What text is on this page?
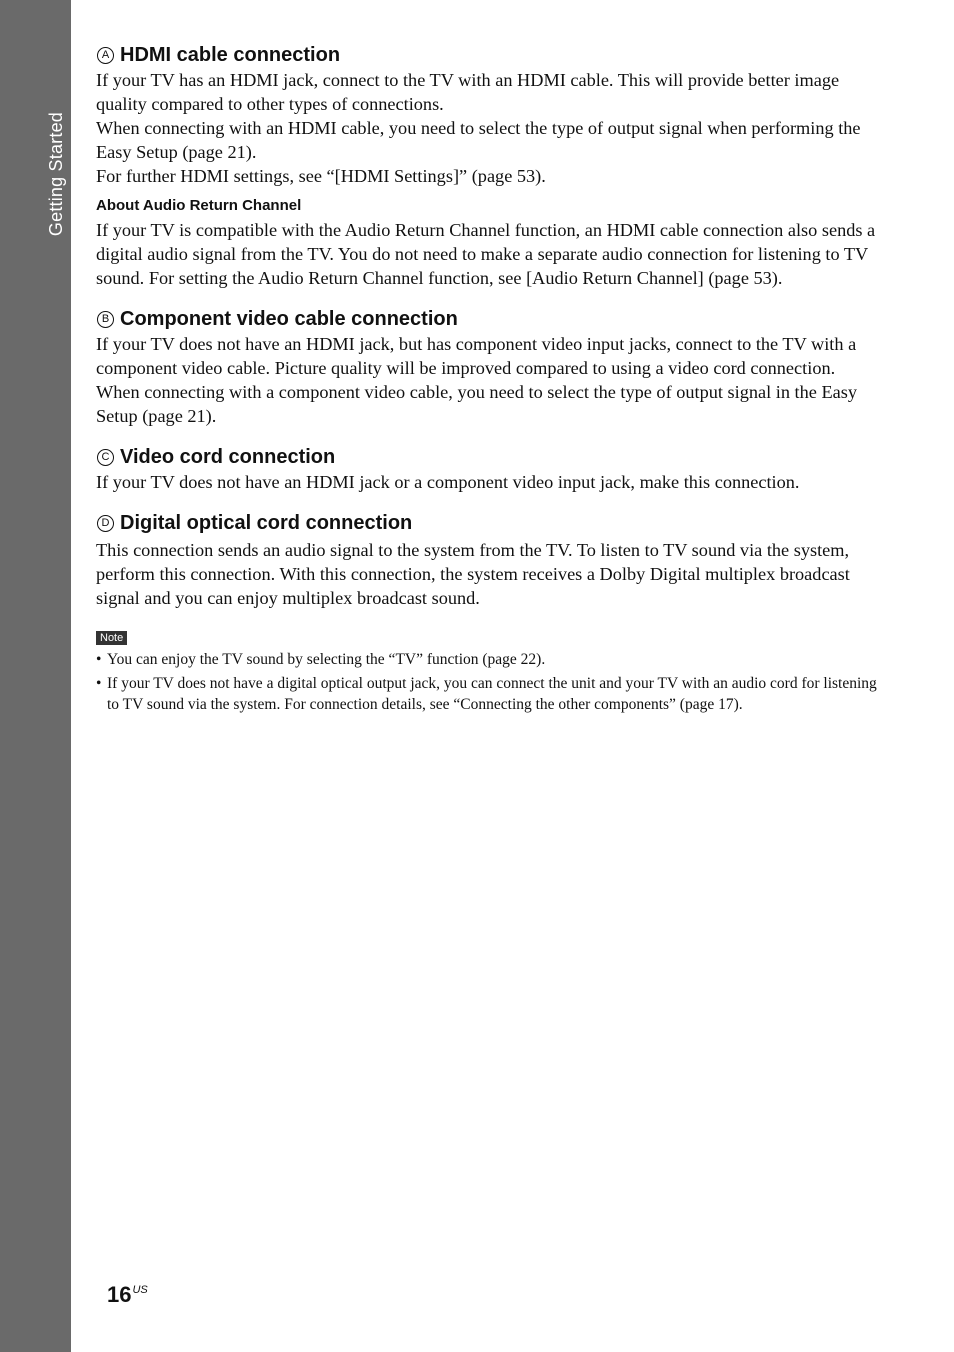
Getting Started
A HDMI cable connection

If your TV has an HDMI jack, connect to the TV with an HDMI cable. This will provide better image quality compared to other types of connections.

When connecting with an HDMI cable, you need to select the type of output signal when performing the Easy Setup (page 21).

For further HDMI settings, see “[HDMI Settings]” (page 53).

About Audio Return Channel

If your TV is compatible with the Audio Return Channel function, an HDMI cable connection also sends a digital audio signal from the TV. You do not need to make a separate audio connection for listening to TV sound. For setting the Audio Return Channel function, see [Audio Return Channel] (page 53).

B Component video cable connection

If your TV does not have an HDMI jack, but has component video input jacks, connect to the TV with a component video cable. Picture quality will be improved compared to using a video cord connection.

When connecting with a component video cable, you need to select the type of output signal in the Easy Setup (page 21).

C Video cord connection

If your TV does not have an HDMI jack or a component video input jack, make this connection.

D Digital optical cord connection

This connection sends an audio signal to the system from the TV. To listen to TV sound via the system, perform this connection. With this connection, the system receives a Dolby Digital multiplex broadcast signal and you can enjoy multiplex broadcast sound.

Note
• You can enjoy the TV sound by selecting the “TV” function (page 22).
• If your TV does not have a digital optical output jack, you can connect the unit and your TV with an audio cord for listening to TV sound via the system. For connection details, see “Connecting the other components” (page 17).
$16^{US}$
